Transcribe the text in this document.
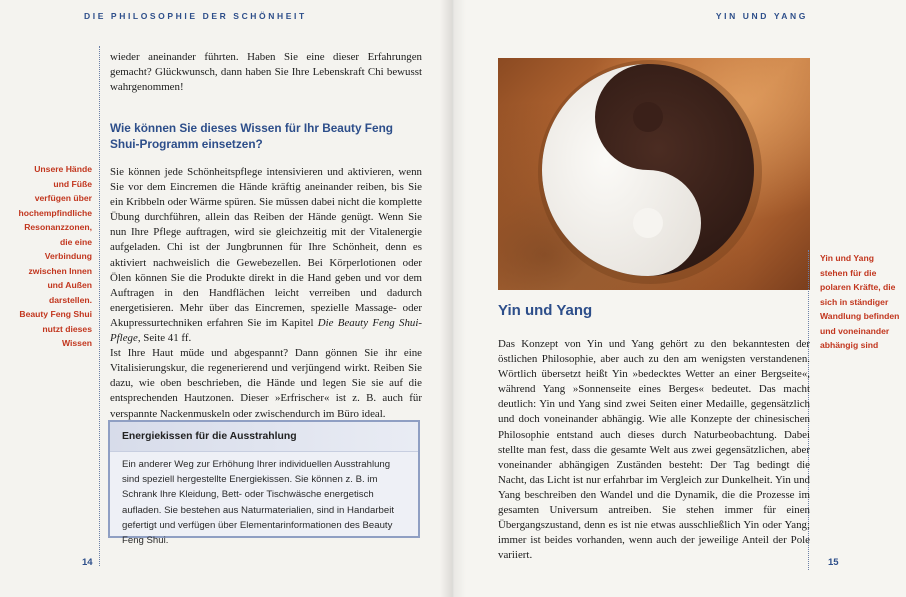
DIE PHILOSOPHIE DER SCHÖNHEIT
Unsere Hände und Füße verfügen über hochempfindliche Resonanzzonen, die eine Verbindung zwischen Innen und Außen darstellen. Beauty Feng Shui nutzt dieses Wissen

wieder aneinander führten. Haben Sie eine dieser Erfahrungen gemacht? Glückwunsch, dann haben Sie Ihre Lebenskraft Chi bewusst wahrgenommen!

Wie können Sie dieses Wissen für Ihr Beauty Feng Shui-Programm einsetzen?

Sie können jede Schönheitspflege intensivieren und aktivieren, wenn Sie vor dem Eincremen die Hände kräftig aneinander reiben, bis Sie ein Kribbeln oder Wärme spüren. Sie müssen dabei nicht die komplette Übung durchführen, allein das Reiben der Hände genügt. Wenn Sie nun Ihre Pflege auftragen, wird sie gleichzeitig mit der Vitalenergie aufgeladen. Chi ist der Jungbrunnen für Ihre Schönheit, denn es aktiviert nachweislich die Gewebezellen. Bei Körperlotionen oder Ölen können Sie die Produkte direkt in die Hand geben und vor dem Auftragen in den Handflächen leicht verreiben und dadurch energetisieren. Mehr über das Eincremen, spezielle Massage- oder Akupressurtechniken erfahren Sie im Kapitel Die Beauty Feng Shui-Pflege, Seite 41 ff.

Ist Ihre Haut müde und abgespannt? Dann gönnen Sie ihr eine Vitalisierungskur, die regenerierend und verjüngend wirkt. Reiben Sie dazu, wie oben beschrieben, die Hände und legen Sie sie auf die entsprechenden Hautzonen. Dieser »Erfrischer« ist z. B. auch für verspannte Nackenmuskeln oder zwischendurch im Büro ideal.

Energiekissen für die Ausstrahlung

Ein anderer Weg zur Erhöhung Ihrer individuellen Ausstrahlung sind speziell hergestellte Energiekissen. Sie können z. B. im Schrank Ihre Kleidung, Bett- oder Tischwäsche energetisch aufladen. Sie bestehen aus Naturmaterialien, sind in Handarbeit gefertigt und verfügen über Elementarinformationen des Beauty Feng Shui.

14
YIN UND YANG
Yin und Yang stehen für die polaren Kräfte, die sich in ständiger Wandlung befinden und voneinander abhängig sind
Yin und Yang

Das Konzept von Yin und Yang gehört zu den bekanntesten der östlichen Philosophie, aber auch zu den am wenigsten verstandenen. Wörtlich übersetzt heißt Yin »bedecktes Wetter an einer Bergseite«, während Yang »Sonnenseite eines Berges« bedeutet. Das macht deutlich: Yin und Yang sind zwei Seiten einer Medaille, gegensätzlich und doch voneinander abhängig. Wie alle Konzepte der chinesischen Philosophie entstand auch dieses durch Naturbeobachtung. Dabei stellte man fest, dass die gesamte Welt aus zwei gegensätzlichen, aber voneinander abhängigen Zuständen besteht: Der Tag bedingt die Nacht, das Licht ist nur erfahrbar im Vergleich zur Dunkelheit. Yin und Yang beschreiben den Wandel und die Dynamik, die die Prozesse im gesamten Universum antreiben. Sie stehen immer für einen Übergangszustand, denn es ist nie etwas ausschließlich Yin oder Yang; immer ist beides vorhanden, wenn auch der jeweilige Anteil der Pole variiert.

15
